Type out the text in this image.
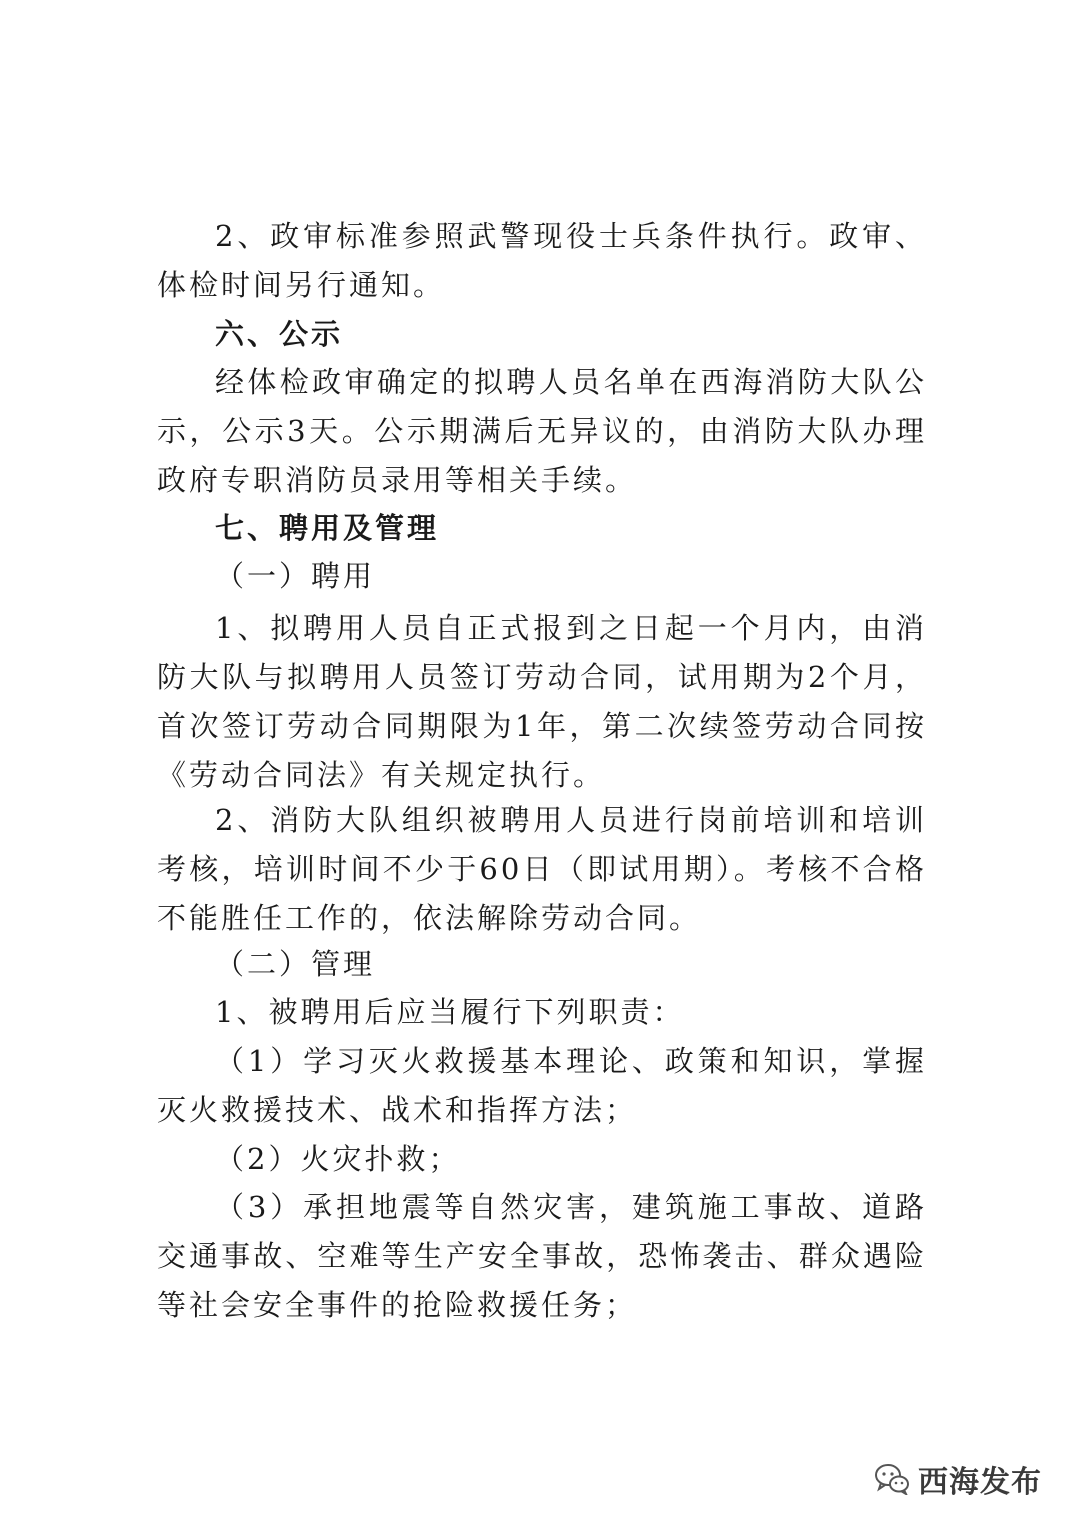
2、政审标准参照武警现役士兵条件执行。政审、体检时间另行通知。

六、公示

经体检政审确定的拟聘人员名单在西海消防大队公示，公示3天。公示期满后无异议的，由消防大队办理政府专职消防员录用等相关手续。

七、聘用及管理

（一）聘用

1、拟聘用人员自正式报到之日起一个月内，由消防大队与拟聘用人员签订劳动合同，试用期为2个月，首次签订劳动合同期限为1年，第二次续签劳动合同按《劳动合同法》有关规定执行。

2、消防大队组织被聘用人员进行岗前培训和培训考核，培训时间不少于60日（即试用期）。考核不合格不能胜任工作的，依法解除劳动合同。

（二）管理

1、被聘用后应当履行下列职责：

（1）学习灭火救援基本理论、政策和知识，掌握灭火救援技术、战术和指挥方法；

（2）火灾扑救；

（3）承担地震等自然灾害，建筑施工事故、道路交通事故、空难等生产安全事故，恐怖袭击、群众遇险等社会安全事件的抢险救援任务；

西海发布
